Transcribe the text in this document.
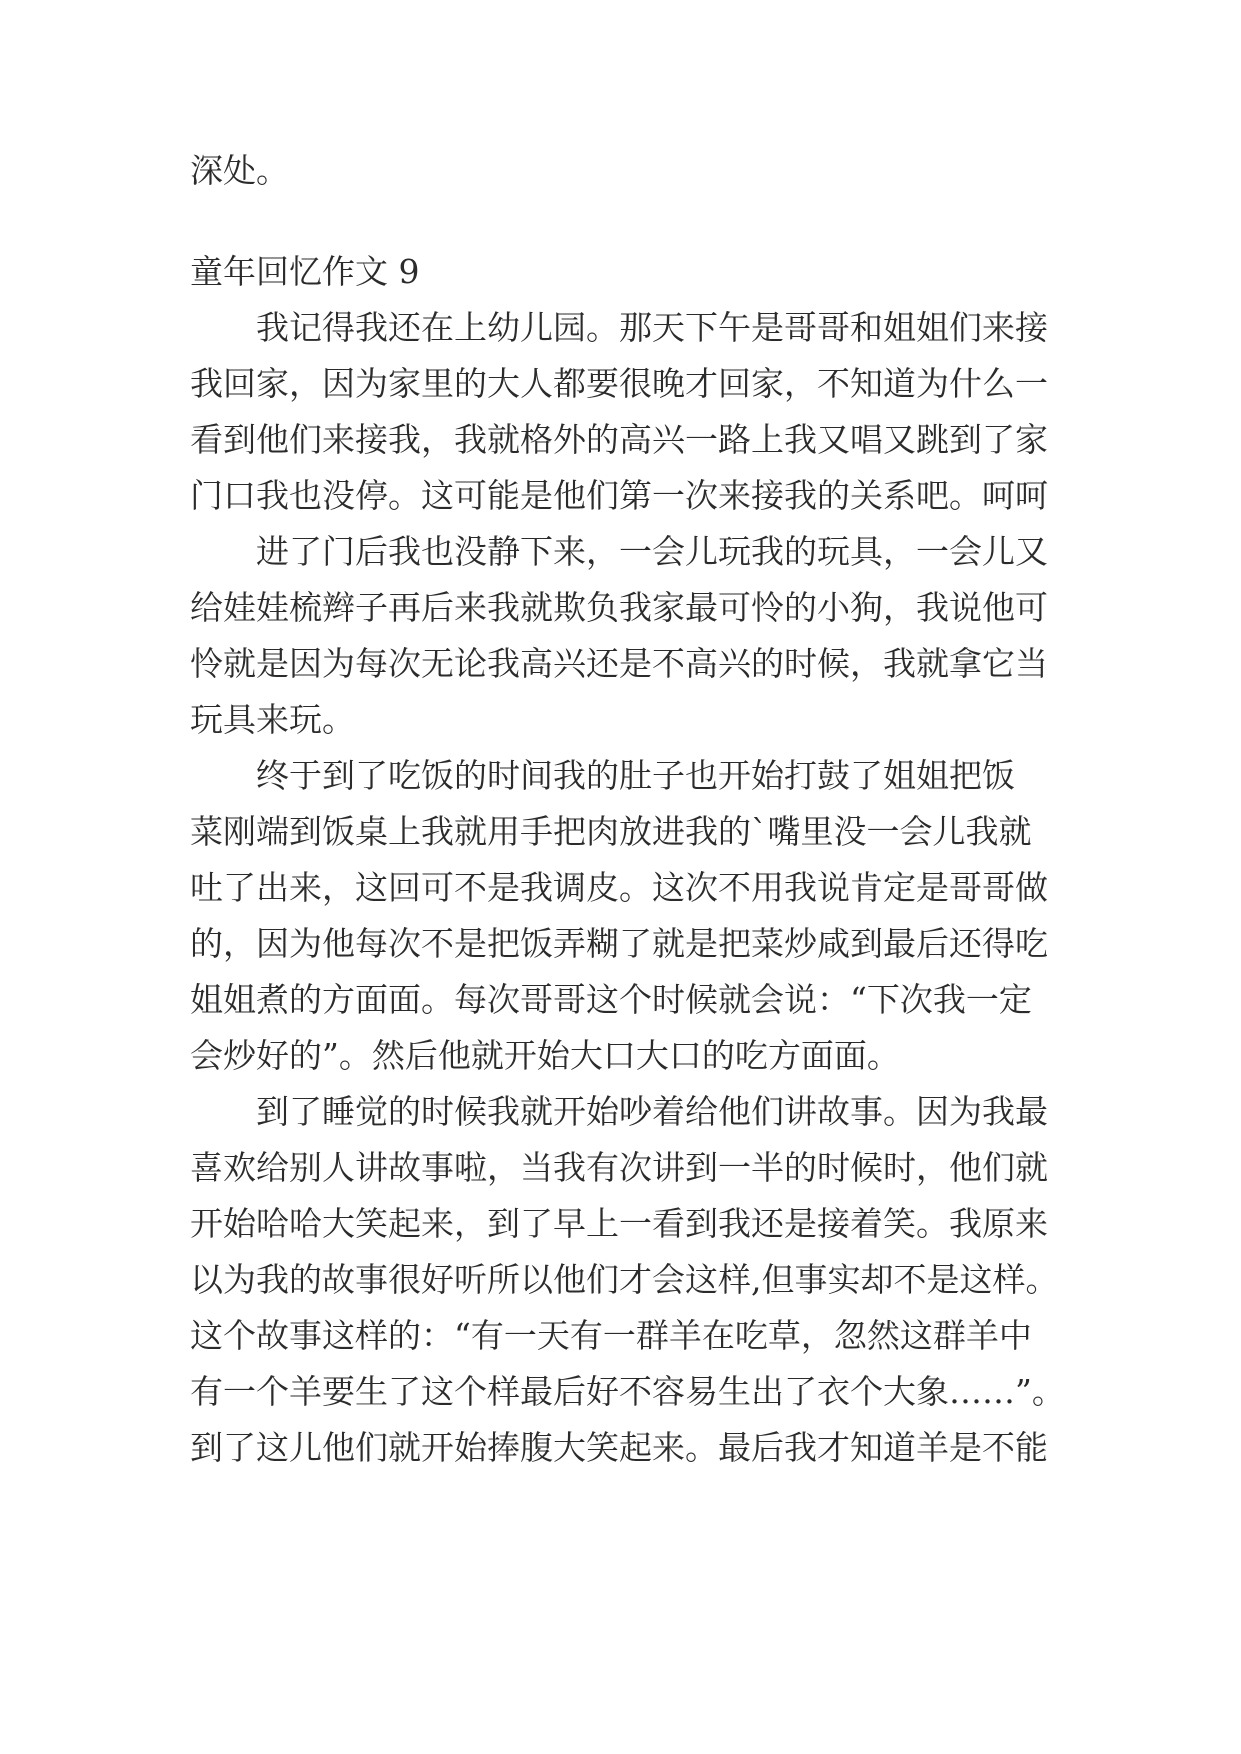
深处。
童年回忆作文 9
我记得我还在上幼儿园。那天下午是哥哥和姐姐们来接
我回家，因为家里的大人都要很晚才回家，不知道为什么一
看到他们来接我，我就格外的高兴一路上我又唱又跳到了家
门口我也没停。这可能是他们第一次来接我的关系吧。呵呵
进了门后我也没静下来，一会儿玩我的玩具，一会儿又
给娃娃梳辫子再后来我就欺负我家最可怜的小狗，我说他可
怜就是因为每次无论我高兴还是不高兴的时候，我就拿它当
玩具来玩。
终于到了吃饭的时间我的肚子也开始打鼓了姐姐把饭
菜刚端到饭桌上我就用手把肉放进我的`嘴里没一会儿我就
吐了出来，这回可不是我调皮。这次不用我说肯定是哥哥做
的，因为他每次不是把饭弄糊了就是把菜炒咸到最后还得吃
姐姐煮的方面面。每次哥哥这个时候就会说：“下次我一定
会炒好的”。然后他就开始大口大口的吃方面面。
到了睡觉的时候我就开始吵着给他们讲故事。因为我最
喜欢给别人讲故事啦，当我有次讲到一半的时候时，他们就
开始哈哈大笑起来，到了早上一看到我还是接着笑。我原来
以为我的故事很好听所以他们才会这样,但事实却不是这样。
这个故事这样的：“有一天有一群羊在吃草，忽然这群羊中
有一个羊要生了这个样最后好不容易生出了衣个大象……”。
到了这儿他们就开始捧腹大笑起来。最后我才知道羊是不能
